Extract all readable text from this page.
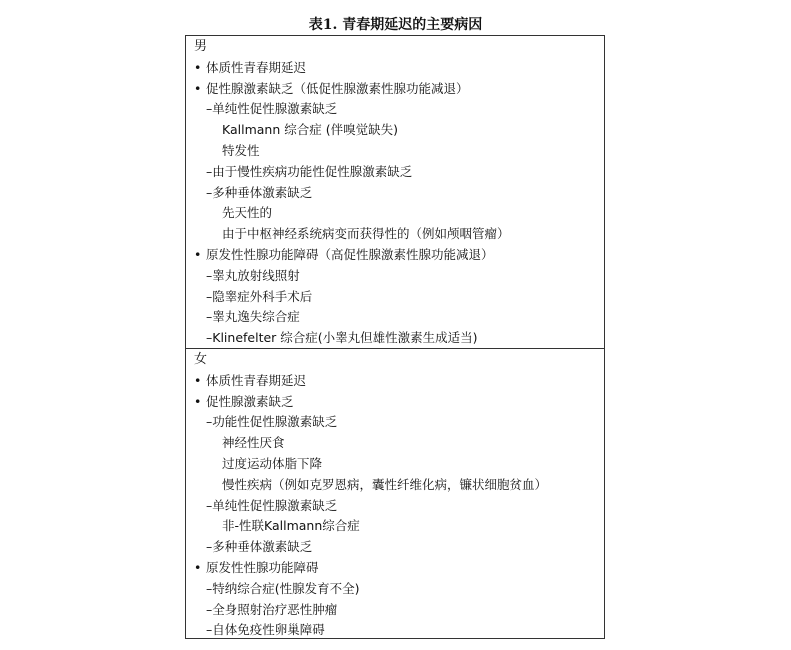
表1. 青春期延迟的主要病因
男
• 体质性青春期延迟
• 促性腺激素缺乏（低促性腺激素性腺功能减退）
–单纯性促性腺激素缺乏
Kallmann 综合症 (伴嗅觉缺失)
特发性
–由于慢性疾病功能性促性腺激素缺乏
–多种垂体激素缺乏
先天性的
由于中枢神经系统病变而获得性的（例如颅咽管瘤）
• 原发性性腺功能障碍（高促性腺激素性腺功能减退）
–睾丸放射线照射
–隐睾症外科手术后
–睾丸逸失综合症
–Klinefelter 综合症(小睾丸但雄性激素生成适当)
女
• 体质性青春期延迟
• 促性腺激素缺乏
–功能性促性腺激素缺乏
神经性厌食
过度运动体脂下降
慢性疾病（例如克罗恩病，囊性纤维化病，镰状细胞贫血）
–单纯性促性腺激素缺乏
非-性联Kallmann综合症
–多种垂体激素缺乏
• 原发性性腺功能障碍
–特纳综合症(性腺发育不全)
–全身照射治疗恶性肿瘤
–自体免疫性卵巢障碍
